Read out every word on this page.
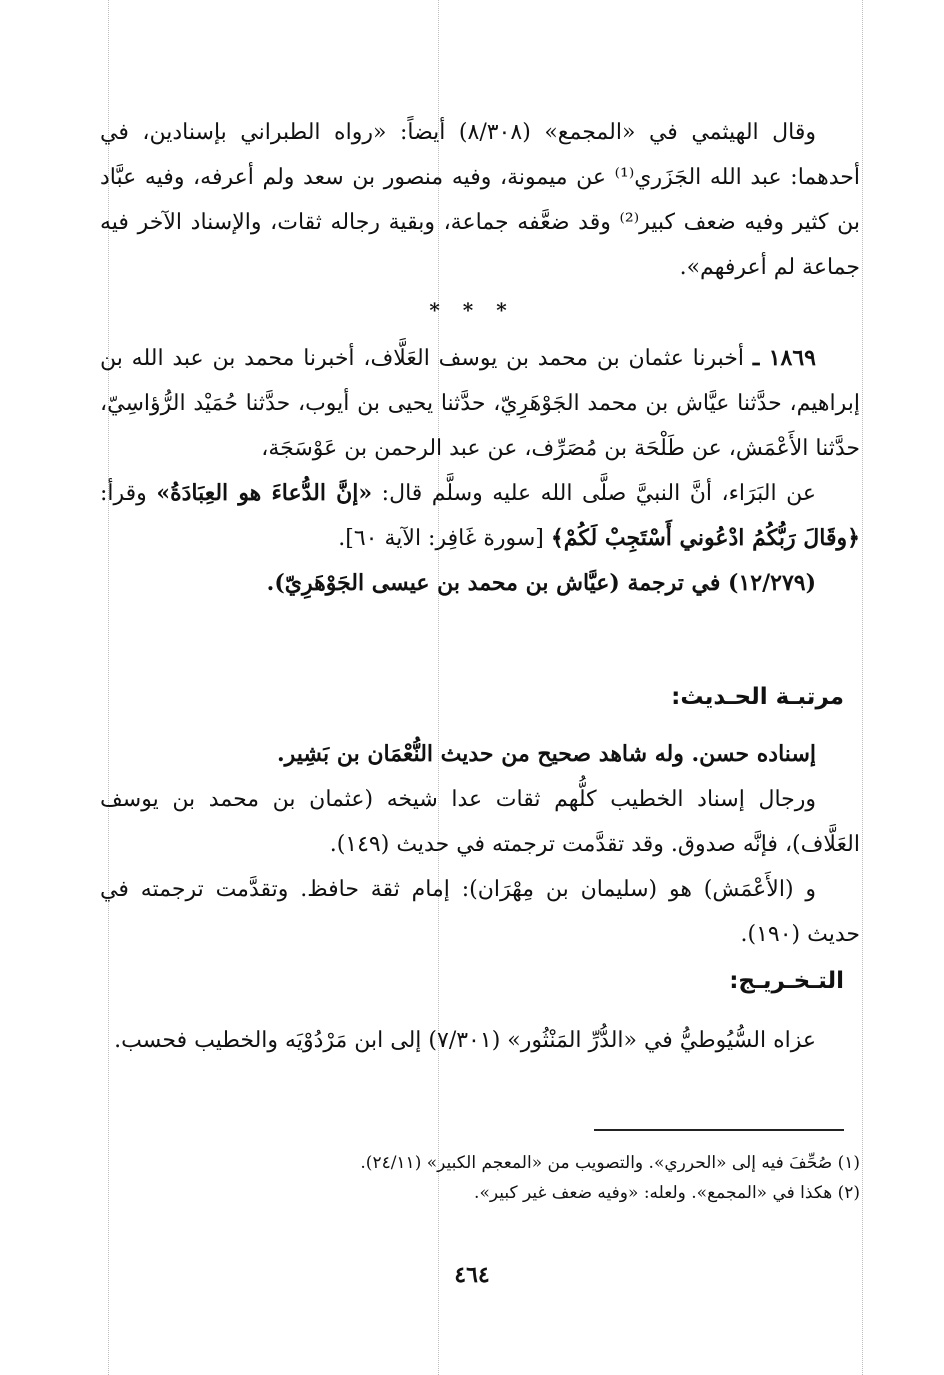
وقال الهيثمي في «المجمع» (٨/٣٠٨) أيضاً: «رواه الطبراني بإسنادين، في أحدهما: عبد الله الجَزَري⁽¹⁾ عن ميمونة، وفيه منصور بن سعد ولم أعرفه، وفيه عبَّاد بن كثير وفيه ضعف كبير⁽²⁾ وقد ضعَّفه جماعة، وبقية رجاله ثقات، والإسناد الآخر فيه جماعة لم أعرفهم».

* * *

١٨٦٩ ـ أخبرنا عثمان بن محمد بن يوسف العَلَّاف، أخبرنا محمد بن عبد الله بن إبراهيم، حدَّثنا عيَّاش بن محمد الجَوْهَرِيّ، حدَّثنا يحيى بن أيوب، حدَّثنا حُمَيْد الرُّؤاسِيّ، حدَّثنا الأَعْمَش، عن طَلْحَة بن مُصَرِّف، عن عبد الرحمن بن عَوْسَجَة،

عن البَرَاء، أنَّ النبيَّ صلَّى الله عليه وسلَّم قال: «إنَّ الدُّعاءَ هو العِبَادَةُ» وقرأ: ﴿وقَالَ رَبُّكُمُ ادْعُوني أَسْتَجِبْ لَكُمْ﴾ [سورة غَافِر: الآية ٦٠].

(١٢/٢٧٩) في ترجمة (عيَّاش بن محمد بن عيسى الجَوْهَرِيّ).

مرتبـة الحـديث:

إسناده حسن. وله شاهد صحيح من حديث النُّعْمَان بن بَشِير.

ورجال إسناد الخطيب كلُّهم ثقات عدا شيخه (عثمان بن محمد بن يوسف العَلَّاف)، فإنَّه صدوق. وقد تقدَّمت ترجمته في حديث (١٤٩).

و (الأَعْمَش) هو (سليمان بن مِهْرَان): إمام ثقة حافظ. وتقدَّمت ترجمته في حديث (١٩٠).

التـخـريـج:

عزاه السُّيُوطيُّ في «الدُّرِّ المَنْثُور» (٧/٣٠١) إلى ابن مَرْدُوْيَه والخطيب فحسب.

(١) صُحِّفَ فيه إلى «الحرري». والتصويب من «المعجم الكبير» (٢٤/١١).

(٢) هكذا في «المجمع». ولعله: «وفيه ضعف غير كبير».

٤٦٤
